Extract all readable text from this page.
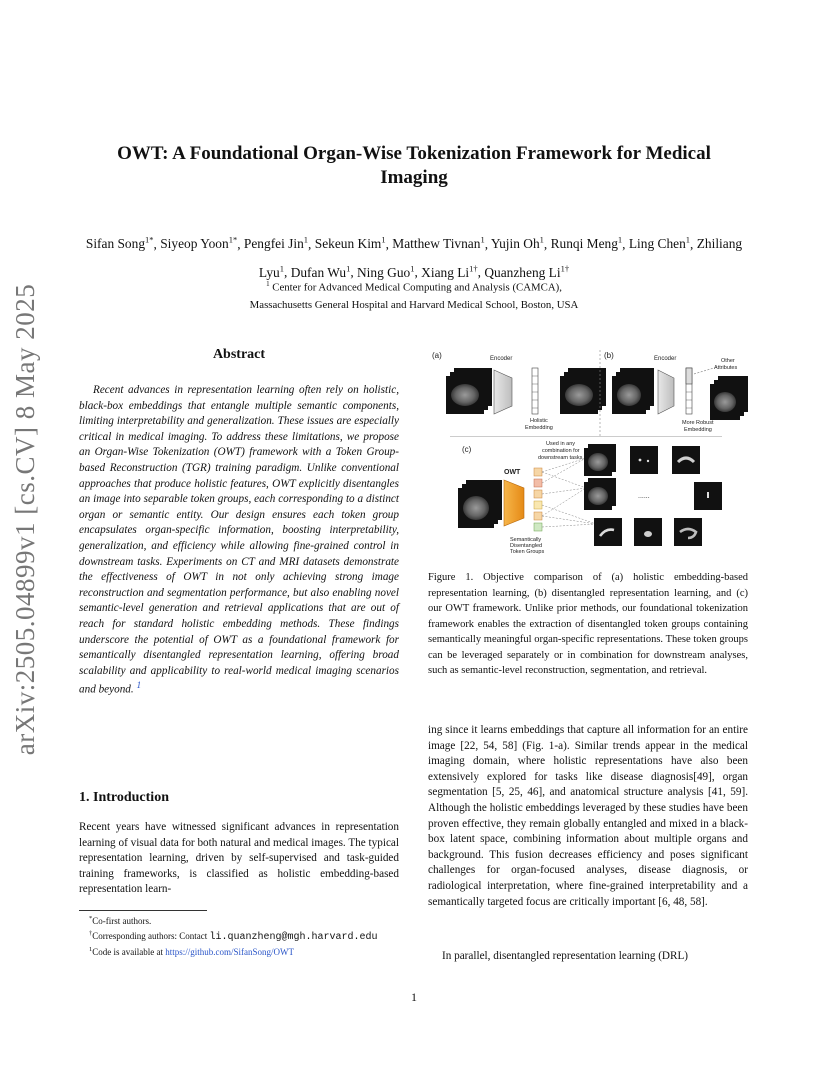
arXiv:2505.04899v1 [cs.CV] 8 May 2025
OWT: A Foundational Organ-Wise Tokenization Framework for Medical Imaging
Sifan Song$^{1*}$, Siyeop Yoon$^{1*}$, Pengfei Jin$^1$, Sekeun Kim$^1$, Matthew Tivnan$^1$, Yujin Oh$^1$, Runqi Meng$^1$, Ling Chen$^1$, Zhiliang Lyu$^1$, Dufan Wu$^1$, Ning Guo$^1$, Xiang $Li^{1\dagger}$, Quanzheng $Li^{1\dagger}$
$^1$ Center for Advanced Medical Computing and Analysis (CAMCA),
Massachusetts General Hospital and Harvard Medical School, Boston, USA
Abstract

Recent advances in representation learning often rely on holistic, black-box embeddings that entangle multiple semantic components, limiting interpretability and generalization. These issues are especially critical in medical imaging. To address these limitations, we propose an Organ-Wise Tokenization (OWT) framework with a Token Group-based Reconstruction (TGR) training paradigm. Unlike conventional approaches that produce holistic features, OWT explicitly disentangles an image into separable token groups, each corresponding to a distinct organ or semantic entity. Our design ensures each token group encapsulates organ-specific information, boosting interpretability, generalization, and efficiency while allowing fine-grained control in downstream tasks. Experiments on CT and MRI datasets demonstrate the effectiveness of OWT in not only achieving strong image reconstruction and segmentation performance, but also enabling novel semantic-level generation and retrieval applications that are out of reach for standard holistic embedding methods. These findings underscore the potential of OWT as a foundational framework for semantically disentangled representation learning, offering broad scalability and applicability to real-world medical imaging scenarios and beyond. $^1$

1. Introduction

Recent years have witnessed significant advances in representation learning of visual data for both natural and medical images. The typical representation learning, driven by self-supervised and task-guided training frameworks, is classified as holistic embedding-based representation learn-

*Co-first authors.

†Corresponding authors: Contact li.quanzheng@mgh.harvard.edu

$^1$Code is available at https://github.com/SifanSong/OWT

(a)	Encoder
Holistic
Embedding
(b)	Encoder	Other
Attributes
More Robust
Embedding
(c)
Used in any
combination for
downstream tasks
OWT
Semantically
Disentangled
Token Groups
......

Figure 1. Objective comparison of (a) holistic embedding-based representation learning, (b) disentangled representation learning, and (c) our OWT framework. Unlike prior methods, our foundational tokenization framework enables the extraction of disentangled token groups containing semantically meaningful organ-specific representations. These token groups can be leveraged separately or in combination for downstream analyses, such as semantic-level reconstruction, segmentation, and retrieval.

ing since it learns embeddings that capture all information for an entire image [22, 54, 58] (Fig. 1-a). Similar trends appear in the medical imaging domain, where holistic representations have also been extensively explored for tasks like disease diagnosis[49], organ segmentation [5, 25, 46], and anatomical structure analysis [41, 59]. Although the holistic embeddings leveraged by these studies have been proven effective, they remain globally entangled and mixed in a black-box latent space, combining information about multiple organs and background. This fusion decreases efficiency and poses significant challenges for organ-focused analyses, disease diagnosis, or radiological interpretation, where fine-grained interpretability and a semantically targeted focus are critically important [6, 48, 58].

In parallel, disentangled representation learning (DRL)

1
